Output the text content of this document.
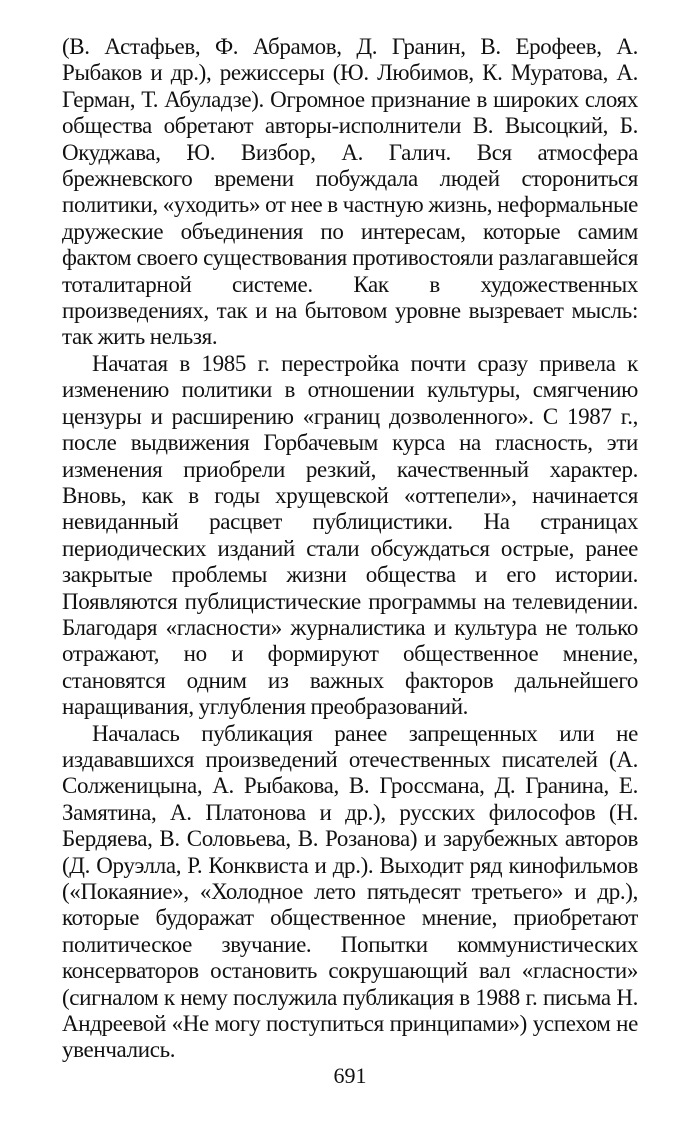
(В. Астафьев, Ф. Абрамов, Д. Гранин, В. Ерофеев, А. Рыбаков и др.), режиссеры (Ю. Любимов, К. Муратова, А. Герман, Т. Абуладзе). Огромное признание в широких слоях общества обретают авторы-исполнители В. Высоцкий, Б. Окуджава, Ю. Визбор, А. Галич. Вся атмосфера брежневского времени побуждала людей сторониться политики, «уходить» от нее в частную жизнь, неформальные дружеские объединения по интересам, которые самим фактом своего существования противостояли разлагавшейся тоталитарной системе. Как в художественных произведениях, так и на бытовом уровне вызревает мысль: так жить нельзя.

Начатая в 1985 г. перестройка почти сразу привела к изменению политики в отношении культуры, смягчению цензуры и расширению «границ дозволенного». С 1987 г., после выдвижения Горбачевым курса на гласность, эти изменения приобрели резкий, качественный характер. Вновь, как в годы хрущевской «оттепели», начинается невиданный расцвет публицистики. На страницах периодических изданий стали обсуждаться острые, ранее закрытые проблемы жизни общества и его истории. Появляются публицистические программы на телевидении. Благодаря «гласности» журналистика и культура не только отражают, но и формируют общественное мнение, становятся одним из важных факторов дальнейшего наращивания, углубления преобразований.

Началась публикация ранее запрещенных или не издававшихся произведений отечественных писателей (А. Солженицына, А. Рыбакова, В. Гроссмана, Д. Гранина, Е. Замятина, А. Платонова и др.), русских философов (Н. Бердяева, В. Соловьева, В. Розанова) и зарубежных авторов (Д. Оруэлла, Р. Конквиста и др.). Выходит ряд кинофильмов («Покаяние», «Холодное лето пятьдесят третьего» и др.), которые будоражат общественное мнение, приобретают политическое звучание. Попытки коммунистических консерваторов остановить сокрушающий вал «гласности» (сигналом к нему послужила публикация в 1988 г. письма Н. Андреевой «Не могу поступиться принципами») успехом не увенчались.

691
